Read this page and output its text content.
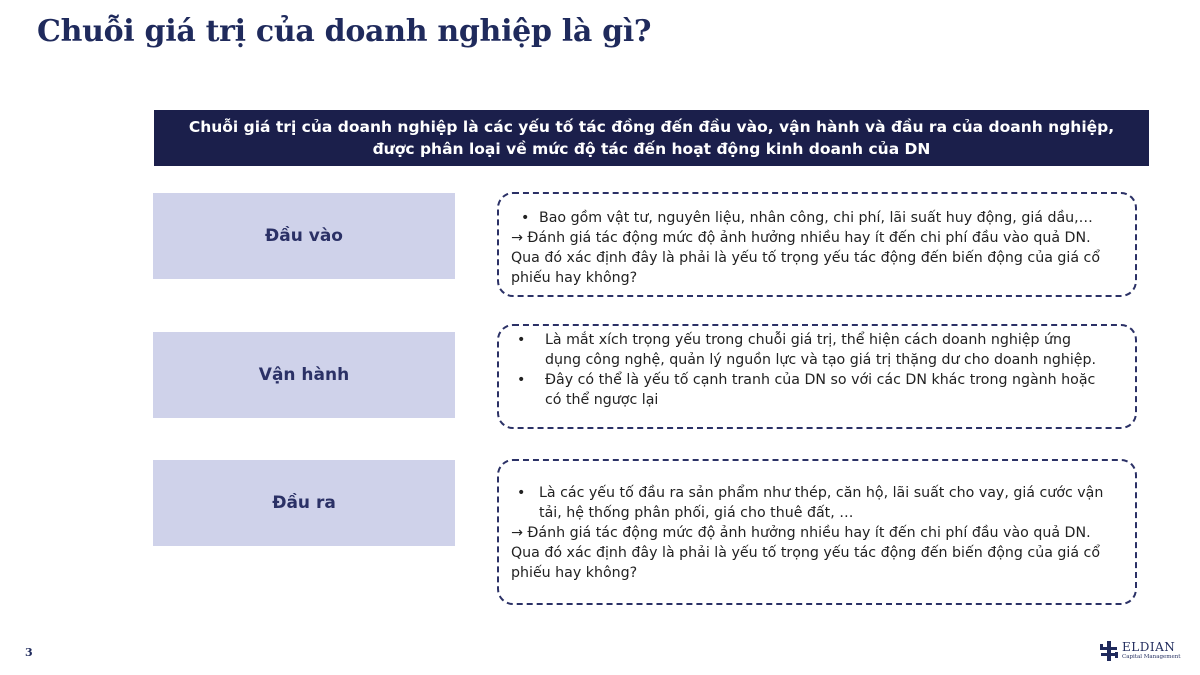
Chuỗi giá trị của doanh nghiệp là gì?
Chuỗi giá trị của doanh nghiệp là các yếu tố tác đồng đến đầu vào, vận hành và đầu ra của doanh nghiệp,
được phân loại về mức độ tác đến hoạt động kinh doanh của DN
Đầu vào
• Bao gồm vật tư, nguyên liệu, nhân công, chi phí, lãi suất huy động, giá dầu,…
→ Đánh giá tác động mức độ ảnh hưởng nhiều hay ít đến chi phí đầu vào quả DN. Qua đó xác định đây là phải là yếu tố trọng yếu tác động đến biến động của giá cổ phiếu hay không?
Vận hành
•	Là mắt xích trọng yếu trong chuỗi giá trị, thể hiện cách doanh nghiệp ứng dụng công nghệ, quản lý nguồn lực và tạo giá trị thặng dư cho doanh nghiệp.
•	Đây có thể là yếu tố cạnh tranh của DN so với các DN khác trong ngành hoặc có thể ngược lại
Đầu ra	• Là các yếu tố đầu ra sản phẩm như thép, căn hộ, lãi suất cho vay, giá cước vận tải, hệ thống phân phối, giá cho thuê đất, …
→ Đánh giá tác động mức độ ảnh hưởng nhiều hay ít đến chi phí đầu vào quả DN. Qua đó xác định đây là phải là yếu tố trọng yếu tác động đến biến động của giá cổ phiếu hay không?
3	ELDIAN
Capital Management
